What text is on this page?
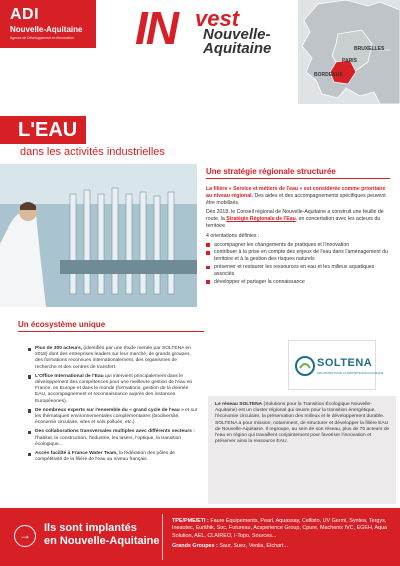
ADI
Nouvelle-Aquitaine
Agence de Développement et d'Innovation	IN vest
Nouvelle-
Aquitaine	BRUXELLES
PARIS
BORDEAUX
L'EAU
dans les activités industrielles
Une stratégie régionale structurée

La filière « Service et métiers de l'eau » est considérée comme prioritaire au niveau régional. Des aides et des accompagnements spécifiques peuvent être mobilisés.

Dès 2018, le Conseil régional de Nouvelle-Aquitaine a construit une feuille de route, la Stratégie Régionale de l'Eau, en concertation avec les acteurs du territoire.

4 orientations définies :
accompagner les changements de pratiques et l'innovation
contribuer à la prise en compte des enjeux de l'eau dans l'aménagement du territoire et à la gestion des risques naturels
préserver et restaurer les ressources en eau et les milieux aquatiques associés
développer et partager la connaissance
Un écosystème unique
Plus de 300 acteurs, (identifiés par une étude menée par SOLTENA en 2018) dont des entreprises leaders sur leur marché, de grands groupes, des formations reconnues internationalement, des organismes de recherche et des centres de transfert.
L'Office International de l'Eau qui intervient principalement dans le développement des compétences pour une meilleure gestion de l'eau en France, en Europe et dans le monde (formations, gestion de la donnée EAU, accompagnement et reconnaissance auprès des instances Européennes).
De nombreux experts sur l'ensemble du « grand cycle de l'eau » et sur les thématiques environnementales complémentaires (biodiversité, économie circulaire, sites et sols pollués, etc.).
Des collaborations transversales multiples avec différents secteurs : l'habitat, la construction, l'industrie, les lasers, l'optique, la transition écologique...
Accès facilité à France Water Team, la fédération des pôles de compétitivité de la filière de l'eau au niveau français.
SOLTENA
SOLUTIONS POUR LA TRANSITION ÉCOLOGIQUE
Le réseau SOLTENA (Solutions pour la Transition Écologique Nouvelle-Aquitaine) est un cluster régional qui œuvre pour la transition énergétique, l'économie circulaire, la préservation des milieux et le développement durable. SOLTENA a pour mission, notamment, de structurer et développer la filière EAU de Nouvelle-Aquitaine. Il regroupe, au sein de son réseau, plus de 70 acteurs de l'eau en région qui travaillent conjointement pour favoriser l'innovation et préserver ainsi la ressource EAU.
→	Ils sont implantés
en Nouvelle-Aquitaine
TPE/PME/ETI : Faure Equipements, Pearl, Aquassay, Cellisto, UV Germi, Syntea, Tergys, Ineautec, Eurithik, Soc, Futureau, Acsperience Group, Cpure, Machenix IVC, EGEH, Aqua Solution, AEL, CLAIREO, I-Topo, Sources...
Grands Groupes : Saur, Suez, Veolia, Etchart...
